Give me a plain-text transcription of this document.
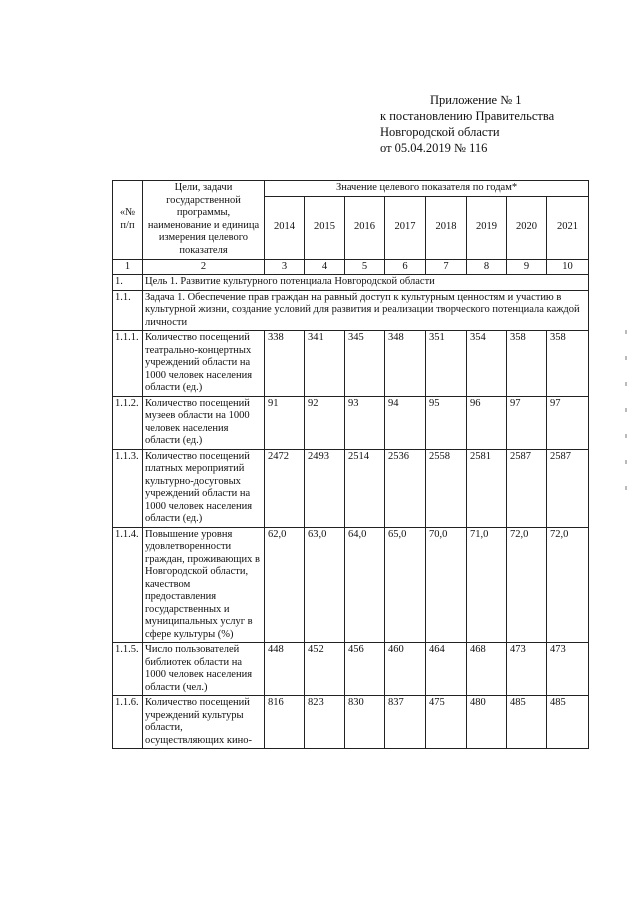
Приложение № 1
к постановлению Правительства
Новгородской области
от 05.04.2019 № 116
«№ п/п	Цели, задачи государственной программы, наименование и единица измерения целевого показателя	Значение целевого показателя по годам*							
		2014	2015	2016	2017	2018	2019	2020	2021
1	2	3	4	5	6	7	8	9	10
1.	Цель 1. Развитие культурного потенциала Новгородской области								
1.1.	Задача 1. Обеспечение прав граждан на равный доступ к культурным ценностям и участию в культурной жизни, создание условий для развития и реализации творческого потенциала каждой личности								
1.1.1.	Количество посещений театрально-концертных учреждений области на 1000 человек населения области (ед.)	338	341	345	348	351	354	358	358
1.1.2.	Количество посещений музеев области на 1000 человек населения области (ед.)	91	92	93	94	95	96	97	97
1.1.3.	Количество посещений платных мероприятий культурно-досуговых учреждений области на 1000 человек населения области (ед.)	2472	2493	2514	2536	2558	2581	2587	2587
1.1.4.	Повышение уровня удовлетворенности граждан, проживающих в Новгородской области, качеством предоставления государственных и муниципальных услуг в сфере культуры (%)	62,0	63,0	64,0	65,0	70,0	71,0	72,0	72,0
1.1.5.	Число пользователей библиотек области на 1000 человек населения области (чел.)	448	452	456	460	464	468	473	473
1.1.6.	Количество посещений учреждений культуры области, осуществляющих кино-	816	823	830	837	475	480	485	485
